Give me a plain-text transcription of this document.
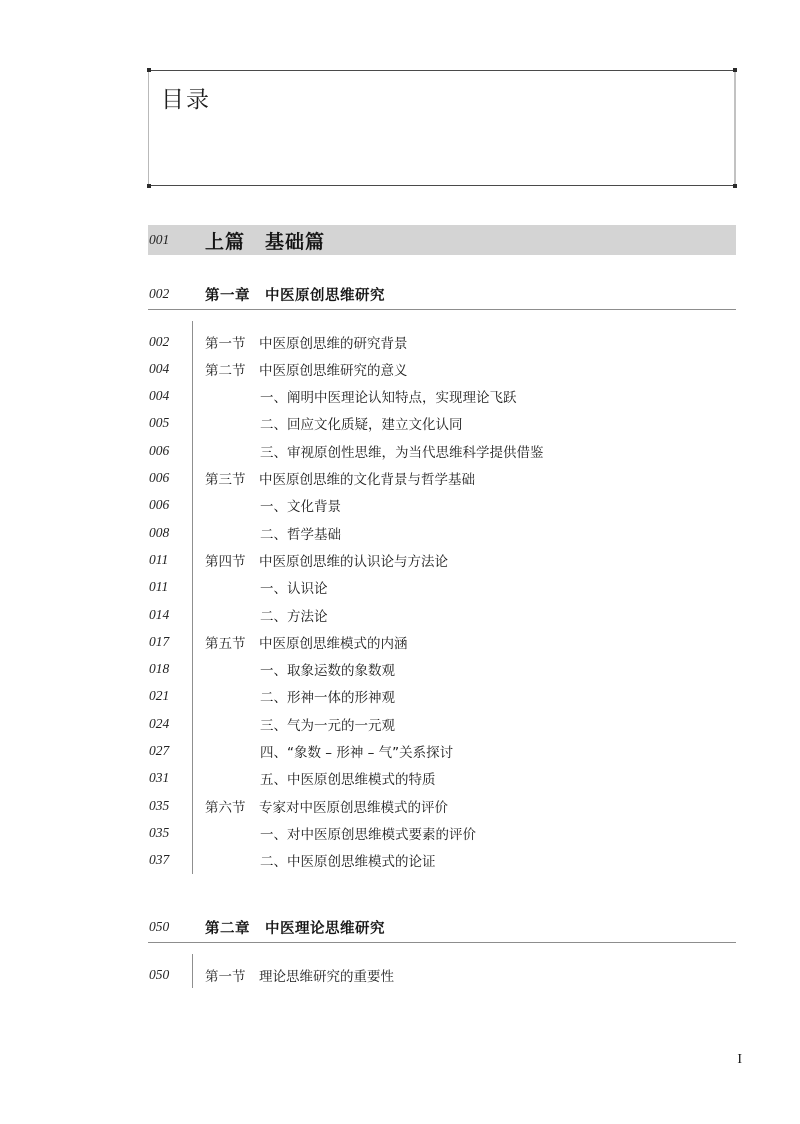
目录
001	上篇　基础篇
002	第一章　中医原创思维研究
002	第一节　中医原创思维的研究背景
004	第二节　中医原创思维研究的意义
004	一、阐明中医理论认知特点，实现理论飞跃
005	二、回应文化质疑，建立文化认同
006	三、审视原创性思维，为当代思维科学提供借鉴
006	第三节　中医原创思维的文化背景与哲学基础
006	一、文化背景
008	二、哲学基础
011	第四节　中医原创思维的认识论与方法论
011	一、认识论
014	二、方法论
017	第五节　中医原创思维模式的内涵
018	一、取象运数的象数观
021	二、形神一体的形神观
024	三、气为一元的一元观
027	四、“象数 – 形神 – 气”关系探讨
031	五、中医原创思维模式的特质
035	第六节　专家对中医原创思维模式的评价
035	一、对中医原创思维模式要素的评价
037	二、中医原创思维模式的论证
050	第二章　中医理论思维研究
050	第一节　理论思维研究的重要性
I
